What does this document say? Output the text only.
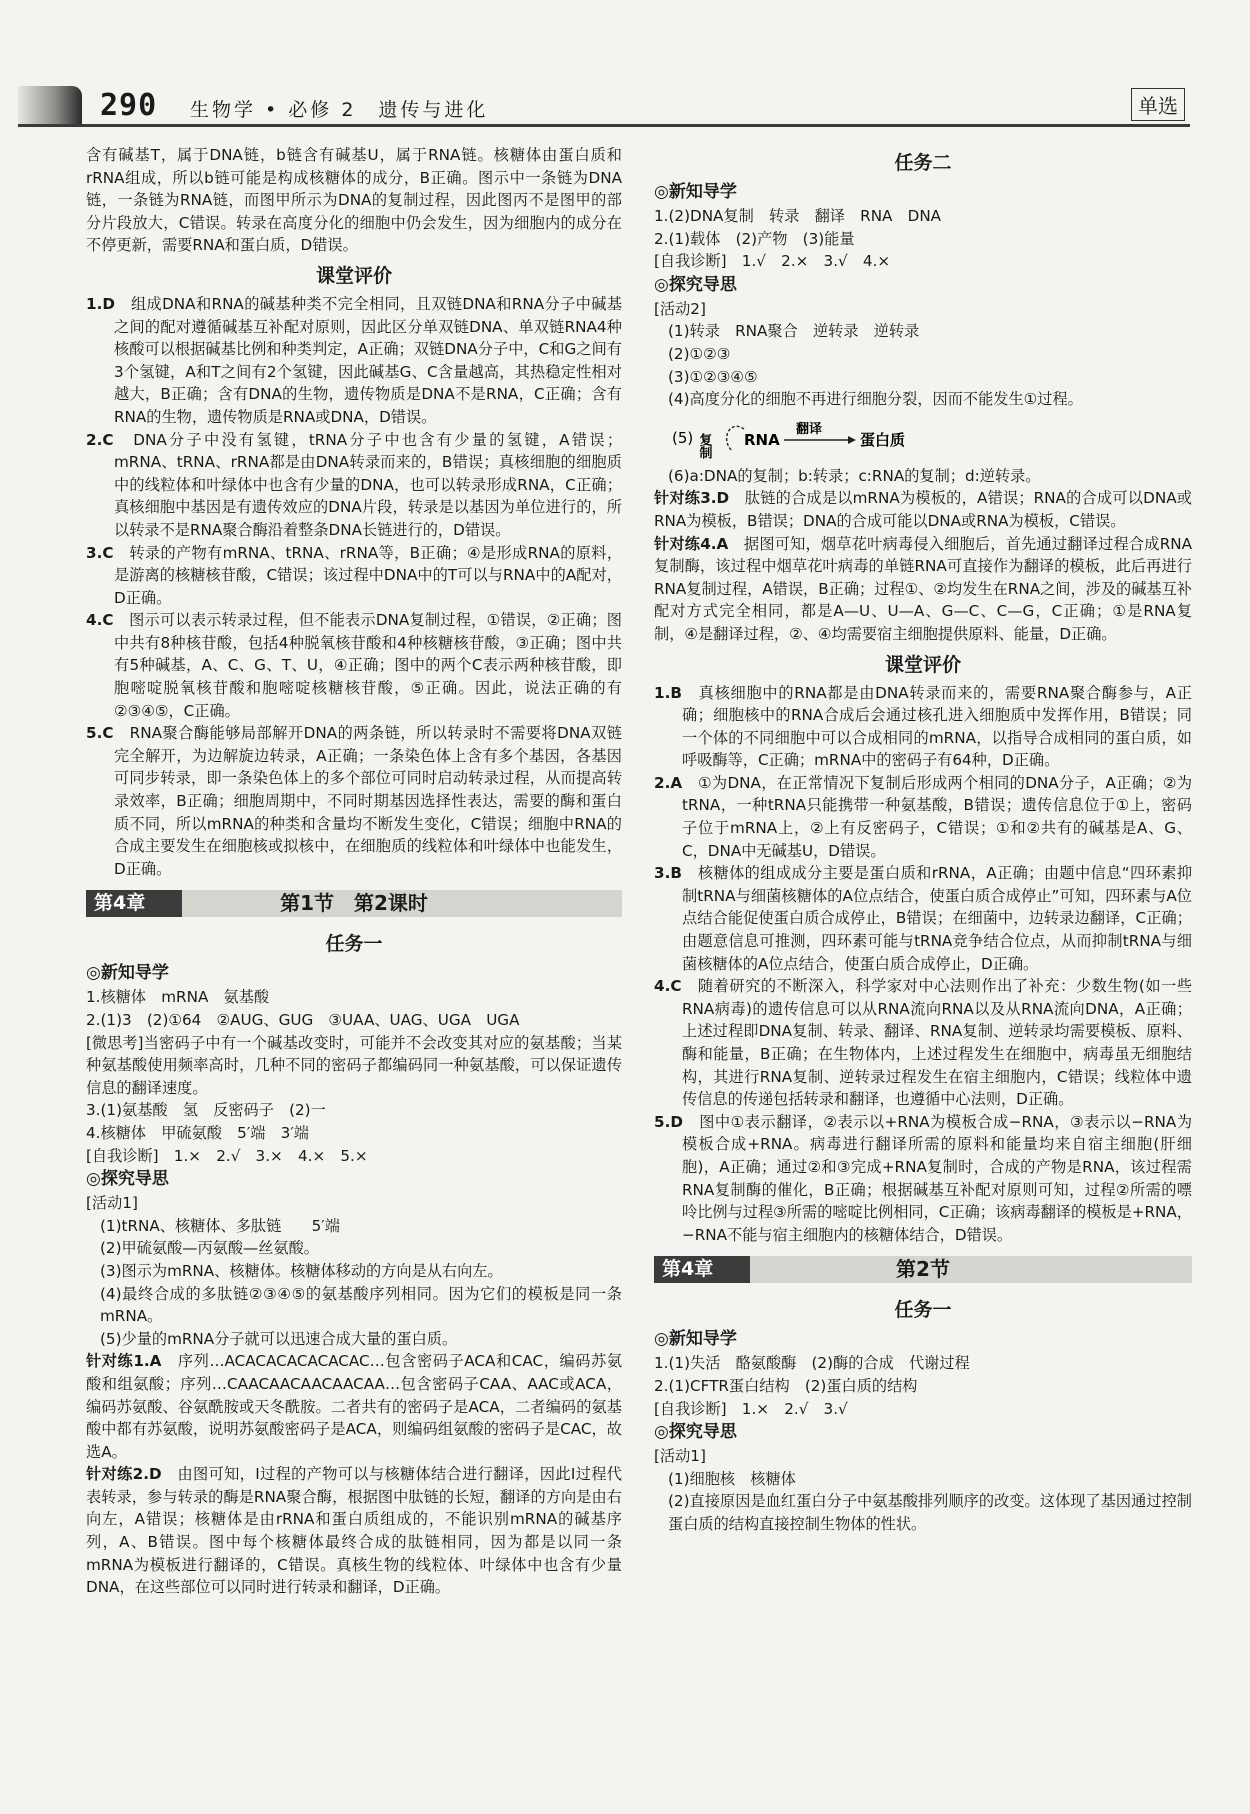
290 生物学 • 必修 2　遗传与进化	单选

含有碱基T，属于DNA链，b链含有碱基U，属于RNA链。核糖体由蛋白质和rRNA组成，所以b链可能是构成核糖体的成分，B正确。图示中一条链为DNA链，一条链为RNA链，而图甲所示为DNA的复制过程，因此图丙不是图甲的部分片段放大，C错误。转录在高度分化的细胞中仍会发生，因为细胞内的成分在不停更新，需要RNA和蛋白质，D错误。

课堂评价

1.D　 组成DNA和RNA的碱基种类不完全相同，且双链DNA和RNA分子中碱基之间的配对遵循碱基互补配对原则，因此区分单双链DNA、单双链RNA4种核酸可以根据碱基比例和种类判定，A正确；双链DNA分子中，C和G之间有3个氢键，A和T之间有2个氢键，因此碱基G、C含量越高，其热稳定性相对越大，B正确；含有DNA的生物，遗传物质是DNA不是RNA，C正确；含有RNA的生物，遗传物质是RNA或DNA，D错误。

2.C　 DNA分子中没有氢键，tRNA分子中也含有少量的氢键，A错误；mRNA、tRNA、rRNA都是由DNA转录而来的，B错误；真核细胞的细胞质中的线粒体和叶绿体中也含有少量的DNA，也可以转录形成RNA，C正确；真核细胞中基因是有遗传效应的DNA片段，转录是以基因为单位进行的，所以转录不是RNA聚合酶沿着整条DNA长链进行的，D错误。

3.C　 转录的产物有mRNA、tRNA、rRNA等，B正确；④是形成RNA的原料，是游离的核糖核苷酸，C错误；该过程中DNA中的T可以与RNA中的A配对，D正确。

4.C　 图示可以表示转录过程，但不能表示DNA复制过程，①错误，②正确；图中共有8种核苷酸，包括4种脱氧核苷酸和4种核糖核苷酸，③正确；图中共有5种碱基，A、C、G、T、U，④正确；图中的两个C表示两种核苷酸，即胞嘧啶脱氧核苷酸和胞嘧啶核糖核苷酸，⑤正确。因此，说法正确的有②③④⑤，C正确。

5.C　 RNA聚合酶能够局部解开DNA的两条链，所以转录时不需要将DNA双链完全解开，为边解旋边转录，A正确；一条染色体上含有多个基因，各基因可同步转录，即一条染色体上的多个部位可同时启动转录过程，从而提高转录效率，B正确；细胞周期中，不同时期基因选择性表达，需要的酶和蛋白质不同，所以mRNA的种类和含量均不断发生变化，C错误；细胞中RNA的合成主要发生在细胞核或拟核中，在细胞质的线粒体和叶绿体中也能发生，D正确。

第4章	第1节　第2课时
任务一
◎新知导学

1.核糖体　mRNA　氨基酸

2.(1)3　(2)①64　②AUG、GUG　③UAA、UAG、UGA　UGA

[微思考]当密码子中有一个碱基改变时，可能并不会改变其对应的氨基酸；当某种氨基酸使用频率高时，几种不同的密码子都编码同一种氨基酸，可以保证遗传信息的翻译速度。

3.(1)氨基酸　氢　反密码子　(2)一

4.核糖体　甲硫氨酸　5′端　3′端

[自我诊断]　 1.×　2.√　3.×　4.×　5.×

◎探究导思

[活动1]

(1)tRNA、核糖体、多肽链　　5′端

(2)甲硫氨酸—丙氨酸—丝氨酸。

(3)图示为mRNA、核糖体。核糖体移动的方向是从右向左。

(4)最终合成的多肽链②③④⑤的氨基酸序列相同。因为它们的模板是同一条mRNA。

(5)少量的mRNA分子就可以迅速合成大量的蛋白质。

针对练1.A　 序列…ACACACACACACAC…包含密码子ACA和CAC，编码苏氨酸和组氨酸；序列…CAACAACAACAACAA…包含密码子CAA、AAC或ACA，编码苏氨酸、谷氨酰胺或天冬酰胺。二者共有的密码子是ACA，二者编码的氨基酸中都有苏氨酸，说明苏氨酸密码子是ACA，则编码组氨酸的密码子是CAC，故选A。

针对练2.D　 由图可知，Ⅰ过程的产物可以与核糖体结合进行翻译，因此Ⅰ过程代表转录，参与转录的酶是RNA聚合酶，根据图中肽链的长短，翻译的方向是由右向左，A错误；核糖体是由rRNA和蛋白质组成的，不能识别mRNA的碱基序列，A、B错误。图中每个核糖体最终合成的肽链相同，因为都是以同一条mRNA为模板进行翻译的，C错误。真核生物的线粒体、叶绿体中也含有少量DNA，在这些部位可以同时进行转录和翻译，D正确。

任务二
◎新知导学

1.(2)DNA复制　转录　翻译　RNA　DNA

2.(1)载体　(2)产物　(3)能量

[自我诊断]　 1.√　2.×　3.√　4.×

◎探究导思

[活动2]

(1)转录　RNA聚合　逆转录　逆转录

(2)①②③

(3)①②③④⑤

(4)高度分化的细胞不再进行细胞分裂，因而不能发生①过程。

(5) 复制 RNA
翻译
蛋白质

(6)a:DNA的复制；b:转录；c:RNA的复制；d:逆转录。

针对练3.D　 肽链的合成是以mRNA为模板的，A错误；RNA的合成可以DNA或RNA为模板，B错误；DNA的合成可能以DNA或RNA为模板，C错误。

针对练4.A　 据图可知，烟草花叶病毒侵入细胞后，首先通过翻译过程合成RNA复制酶，该过程中烟草花叶病毒的单链RNA可直接作为翻译的模板，此后再进行RNA复制过程，A错误，B正确；过程①、②均发生在RNA之间，涉及的碱基互补配对方式完全相同，都是A—U、U—A、G—C、C—G，C正确；①是RNA复制，④是翻译过程，②、④均需要宿主细胞提供原料、能量，D正确。

课堂评价

1.B　 真核细胞中的RNA都是由DNA转录而来的，需要RNA聚合酶参与，A正确；细胞核中的RNA合成后会通过核孔进入细胞质中发挥作用，B错误；同一个体的不同细胞中可以合成相同的mRNA，以指导合成相同的蛋白质，如呼吸酶等，C正确；mRNA中的密码子有64种，D正确。

2.A　 ①为DNA，在正常情况下复制后形成两个相同的DNA分子，A正确；②为tRNA，一种tRNA只能携带一种氨基酸，B错误；遗传信息位于①上，密码子位于mRNA上，②上有反密码子，C错误；①和②共有的碱基是A、G、C，DNA中无碱基U，D错误。

3.B　 核糖体的组成成分主要是蛋白质和rRNA，A正确；由题中信息“四环素抑制tRNA与细菌核糖体的A位点结合，使蛋白质合成停止”可知，四环素与A位点结合能促使蛋白质合成停止，B错误；在细菌中，边转录边翻译，C正确；由题意信息可推测，四环素可能与tRNA竞争结合位点，从而抑制tRNA与细菌核糖体的A位点结合，使蛋白质合成停止，D正确。

4.C　 随着研究的不断深入，科学家对中心法则作出了补充：少数生物(如一些RNA病毒)的遗传信息可以从RNA流向RNA以及从RNA流向DNA，A正确；上述过程即DNA复制、转录、翻译、RNA复制、逆转录均需要模板、原料、酶和能量，B正确；在生物体内，上述过程发生在细胞中，病毒虽无细胞结构，其进行RNA复制、逆转录过程发生在宿主细胞内，C错误；线粒体中遗传信息的传递包括转录和翻译，也遵循中心法则，D正确。

5.D　 图中①表示翻译，②表示以+RNA为模板合成−RNA，③表示以−RNA为模板合成+RNA。病毒进行翻译所需的原料和能量均来自宿主细胞(肝细胞)，A正确；通过②和③完成+RNA复制时，合成的产物是RNA，该过程需RNA复制酶的催化，B正确；根据碱基互补配对原则可知，过程②所需的嘌呤比例与过程③所需的嘧啶比例相同，C正确；该病毒翻译的模板是+RNA，−RNA不能与宿主细胞内的核糖体结合，D错误。

第4章	第2节
任务一
◎新知导学

1.(1)失活　酪氨酸酶　(2)酶的合成　代谢过程

2.(1)CFTR蛋白结构　(2)蛋白质的结构

[自我诊断]　 1.×　2.√　3.√

◎探究导思

[活动1]

(1)细胞核　核糖体

(2)直接原因是血红蛋白分子中氨基酸排列顺序的改变。这体现了基因通过控制蛋白质的结构直接控制生物体的性状。
